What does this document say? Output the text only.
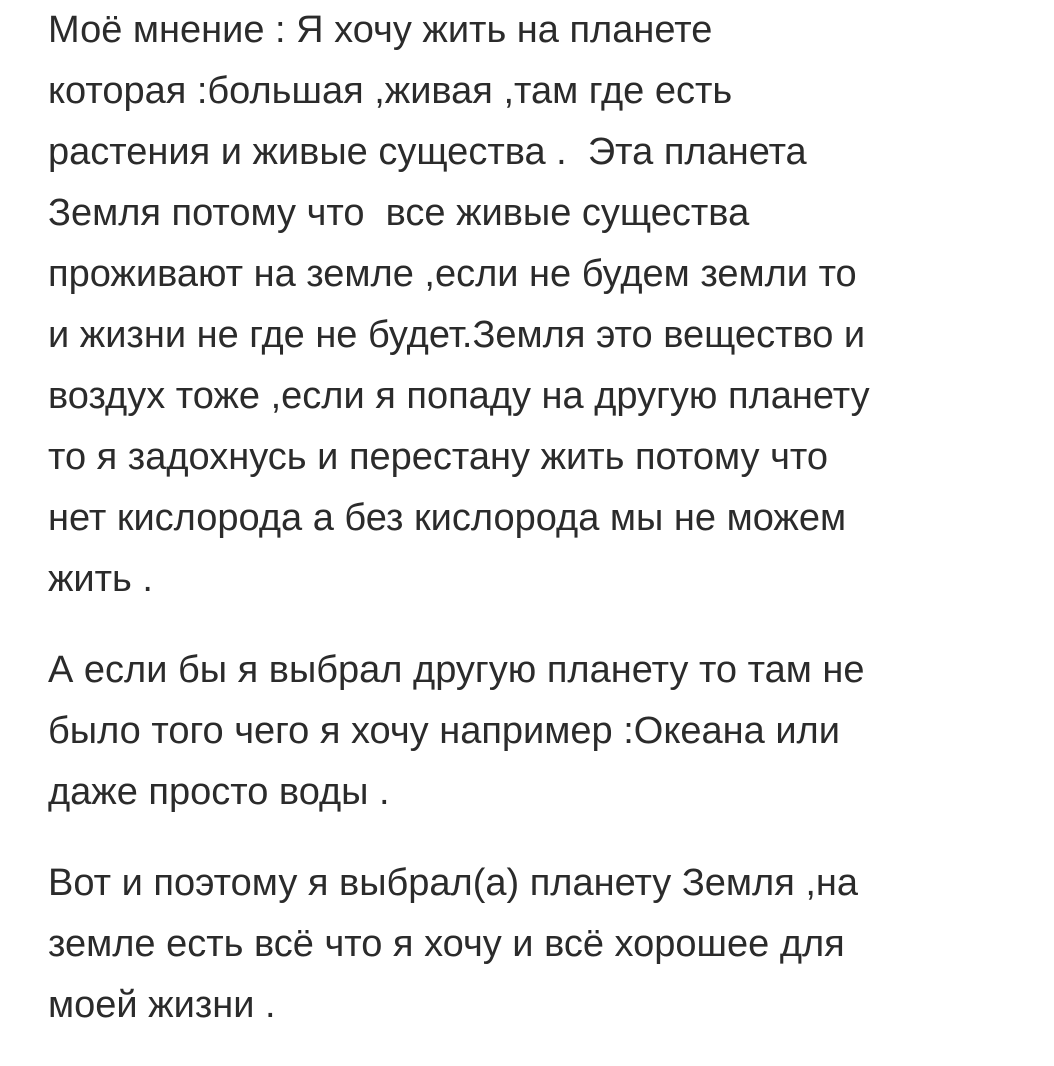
Моё мнение : Я хочу жить на планете
которая :большая ,живая ,там где есть
растения и живые существа .  Эта планета
Земля потому что  все живые существа
проживают на земле ,если не будем земли то
и жизни не где не будет.Земля это вещество и
воздух тоже ,если я попаду на другую планету
то я задохнусь и перестану жить потому что
нет кислорода а без кислорода мы не можем
жить .
А если бы я выбрал другую планету то там не
было того чего я хочу например :Океана или
даже просто воды .
Вот и поэтому я выбрал(а) планету Земля ,на
земле есть всё что я хочу и всё хорошее для
моей жизни .
